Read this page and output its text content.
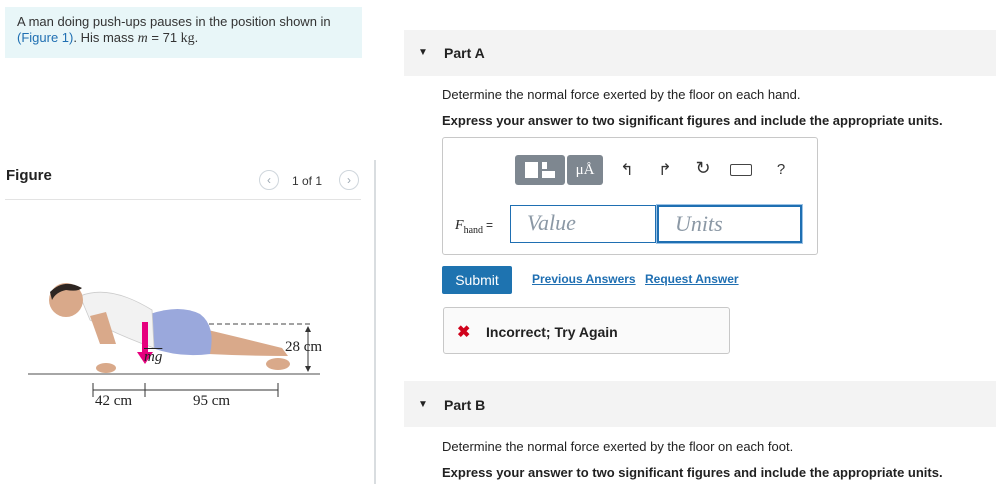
A man doing push-ups pauses in the position shown in
(Figure 1). His mass m = 71 kg.
Figure	‹ 1 of 1 ›
$\overline{mg}$
28 cm
42 cm	95 cm
▼ Part A
Determine the normal force exerted by the floor on each hand.
Express your answer to two significant figures and include the appropriate units.
μÅ	↰ ↱ ↻	?
$F_{hand}$ =	Value	Units
Submit	Previous Answers Request Answer
✖ Incorrect; Try Again
▼ Part B
Determine the normal force exerted by the floor on each foot.
Express your answer to two significant figures and include the appropriate units.
